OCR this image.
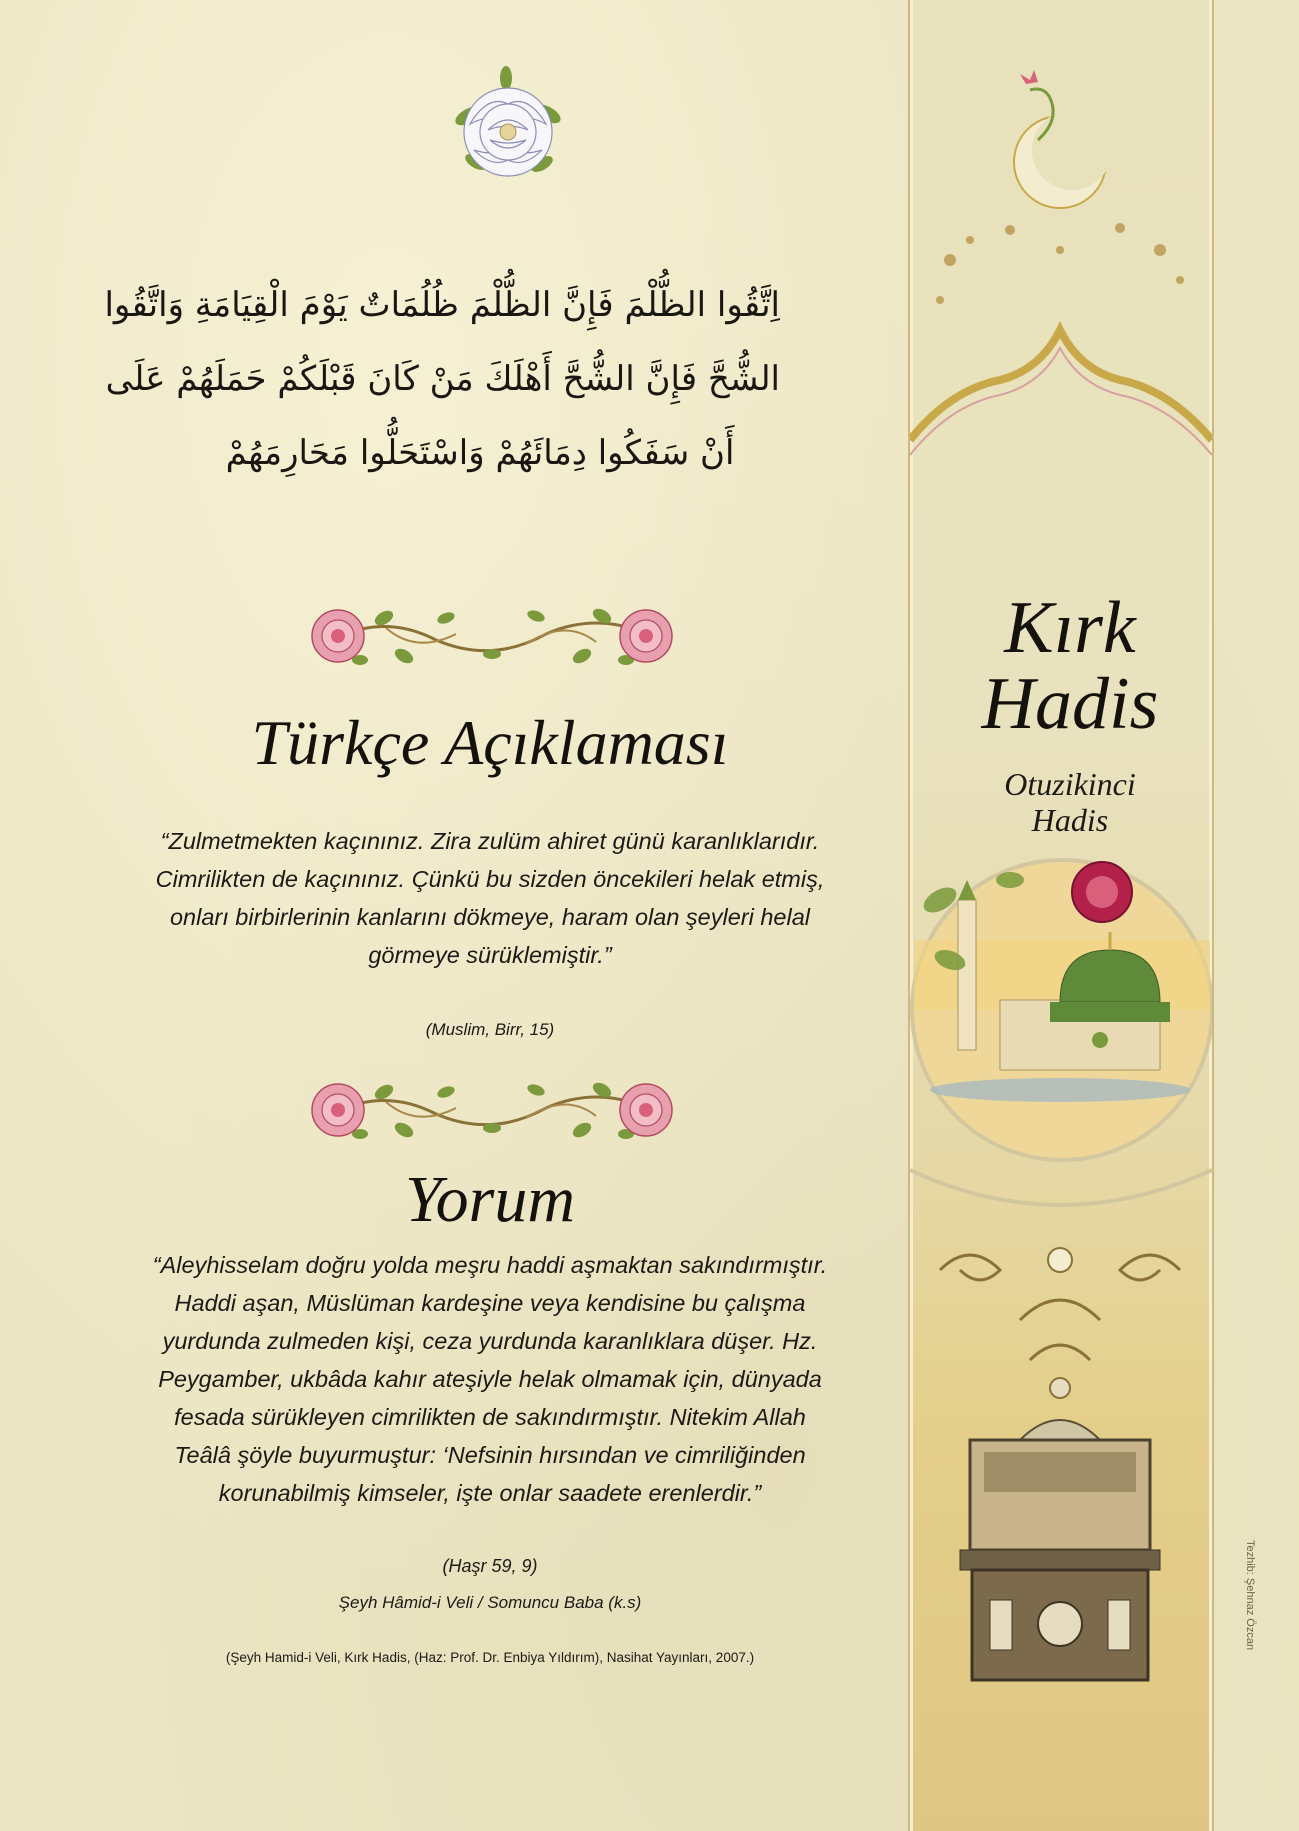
اِتَّقُوا الظُّلْمَ فَإِنَّ الظُّلْمَ ظُلُمَاتٌ يَوْمَ الْقِيَامَةِ وَاتَّقُوا
الشُّحَّ فَإِنَّ الشُّحَّ أَهْلَكَ مَنْ كَانَ قَبْلَكُمْ حَمَلَهُمْ عَلَى
أَنْ سَفَكُوا دِمَائَهُمْ وَاسْتَحَلُّوا مَحَارِمَهُمْ
Türkçe Açıklaması

“Zulmetmekten kaçınınız. Zira zulüm ahiret günü karanlıklarıdır. Cimrilikten de kaçınınız. Çünkü bu sizden öncekileri helak etmiş, onları birbirlerinin kanlarını dökmeye, haram olan şeyleri helal görmeye sürüklemiştir.”

(Muslim, Birr, 15)

Yorum

“Aleyhisselam doğru yolda meşru haddi aşmaktan sakındırmıştır. Haddi aşan, Müslüman kardeşine veya kendisine bu çalışma yurdunda zulmeden kişi, ceza yurdunda karanlıklara düşer. Hz. Peygamber, ukbâda kahır ateşiyle helak olmamak için, dünyada fesada sürükleyen cimrilikten de sakındırmıştır. Nitekim Allah Teâlâ şöyle buyurmuştur: ‘Nefsinin hırsından ve cimriliğinden korunabilmiş kimseler, işte onlar saadete erenlerdir.”

(Haşr 59, 9)

Şeyh Hâmid-i Veli / Somuncu Baba (k.s)

(Şeyh Hamid-i Veli, Kırk Hadis, (Haz: Prof. Dr. Enbiya Yıldırım), Nasihat Yayınları, 2007.)

Kırk
Hadis

Otuzikinci
Hadis

Tezhib: Şehnaz Özcan
